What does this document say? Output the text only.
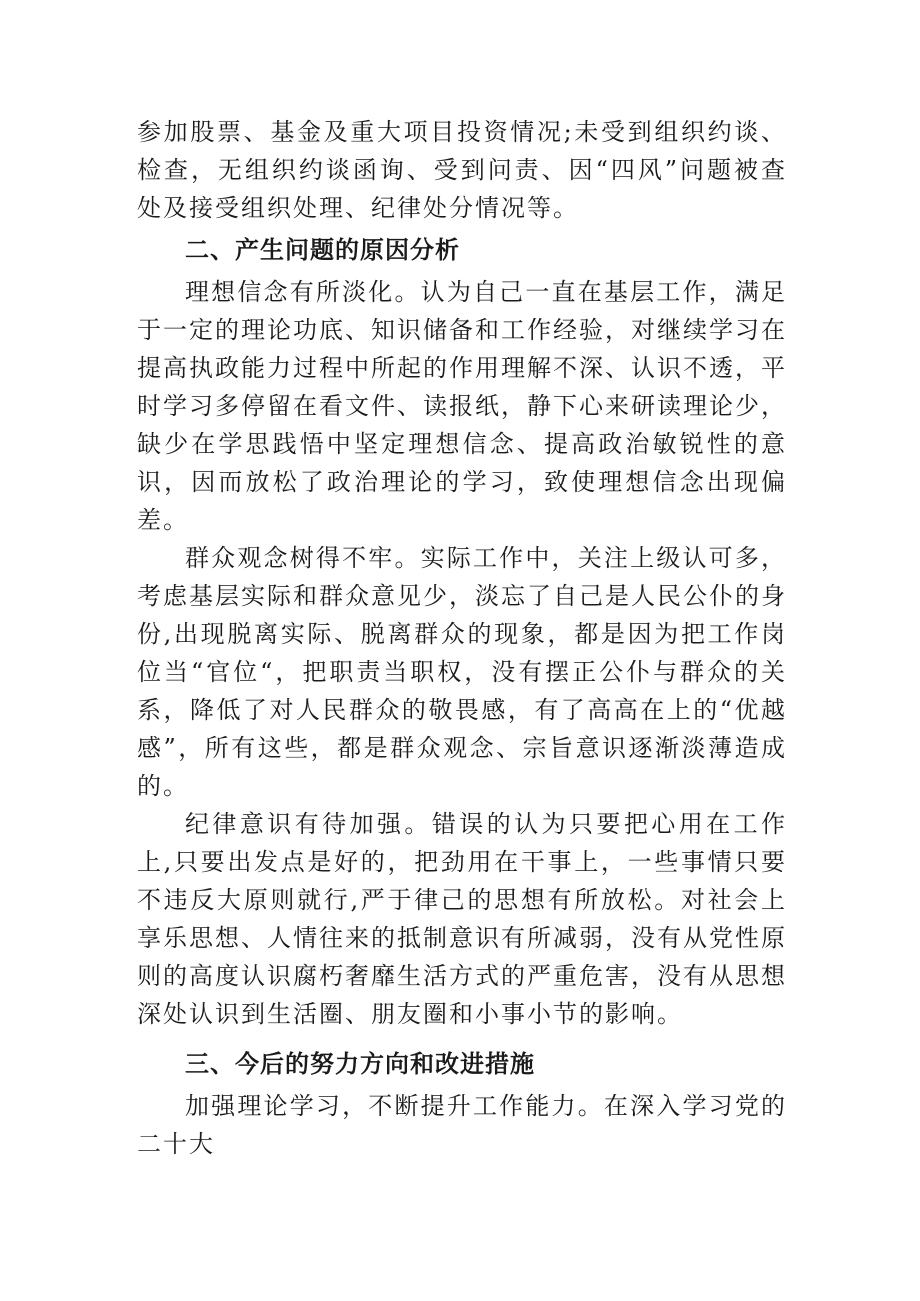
参加股票、基金及重大项目投资情况;未受到组织约谈、检查，无组织约谈函询、受到问责、因“四风”问题被查处及接受组织处理、纪律处分情况等。

二、产生问题的原因分析

理想信念有所淡化。认为自己一直在基层工作，满足于一定的理论功底、知识储备和工作经验，对继续学习在提高执政能力过程中所起的作用理解不深、认识不透，平时学习多停留在看文件、读报纸，静下心来研读理论少，缺少在学思践悟中坚定理想信念、提高政治敏锐性的意识，因而放松了政治理论的学习，致使理想信念出现偏差。

群众观念树得不牢。实际工作中，关注上级认可多，考虑基层实际和群众意见少，淡忘了自己是人民公仆的身份,出现脱离实际、脱离群众的现象，都是因为把工作岗位当“官位“，把职责当职权，没有摆正公仆与群众的关系，降低了对人民群众的敬畏感，有了高高在上的“优越感”，所有这些，都是群众观念、宗旨意识逐渐淡薄造成的。

纪律意识有待加强。错误的认为只要把心用在工作上,只要出发点是好的，把劲用在干事上，一些事情只要不违反大原则就行,严于律己的思想有所放松。对社会上享乐思想、人情往来的抵制意识有所减弱，没有从党性原则的高度认识腐朽奢靡生活方式的严重危害，没有从思想深处认识到生活圈、朋友圈和小事小节的影响。

三、今后的努力方向和改进措施

加强理论学习，不断提升工作能力。在深入学习党的二十大
